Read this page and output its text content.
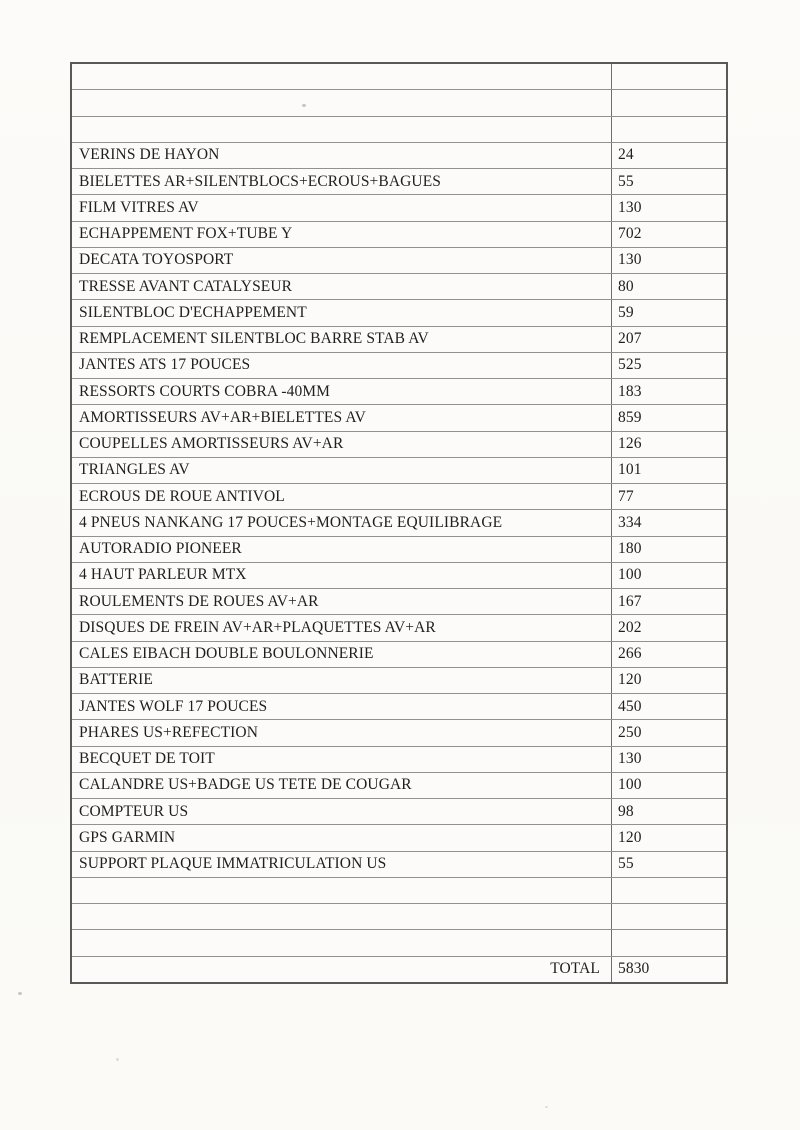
VERINS DE HAYON	24
BIELETTES AR+SILENTBLOCS+ECROUS+BAGUES	55
FILM VITRES AV	130
ECHAPPEMENT FOX+TUBE Y	702
DECATA TOYOSPORT	130
TRESSE AVANT CATALYSEUR	80
SILENTBLOC D'ECHAPPEMENT	59
REMPLACEMENT SILENTBLOC BARRE STAB AV	207
JANTES ATS 17 POUCES	525
RESSORTS COURTS COBRA -40MM	183
AMORTISSEURS AV+AR+BIELETTES AV	859
COUPELLES AMORTISSEURS AV+AR	126
TRIANGLES AV	101
ECROUS DE ROUE ANTIVOL	77
4 PNEUS NANKANG 17 POUCES+MONTAGE EQUILIBRAGE	334
AUTORADIO PIONEER	180
4 HAUT PARLEUR MTX	100
ROULEMENTS DE ROUES AV+AR	167
DISQUES DE FREIN AV+AR+PLAQUETTES AV+AR	202
CALES EIBACH DOUBLE BOULONNERIE	266
BATTERIE	120
JANTES WOLF 17 POUCES	450
PHARES US+REFECTION	250
BECQUET DE TOIT	130
CALANDRE US+BADGE US TETE DE COUGAR	100
COMPTEUR US	98
GPS GARMIN	120
SUPPORT PLAQUE IMMATRICULATION US	55
TOTAL	5830
